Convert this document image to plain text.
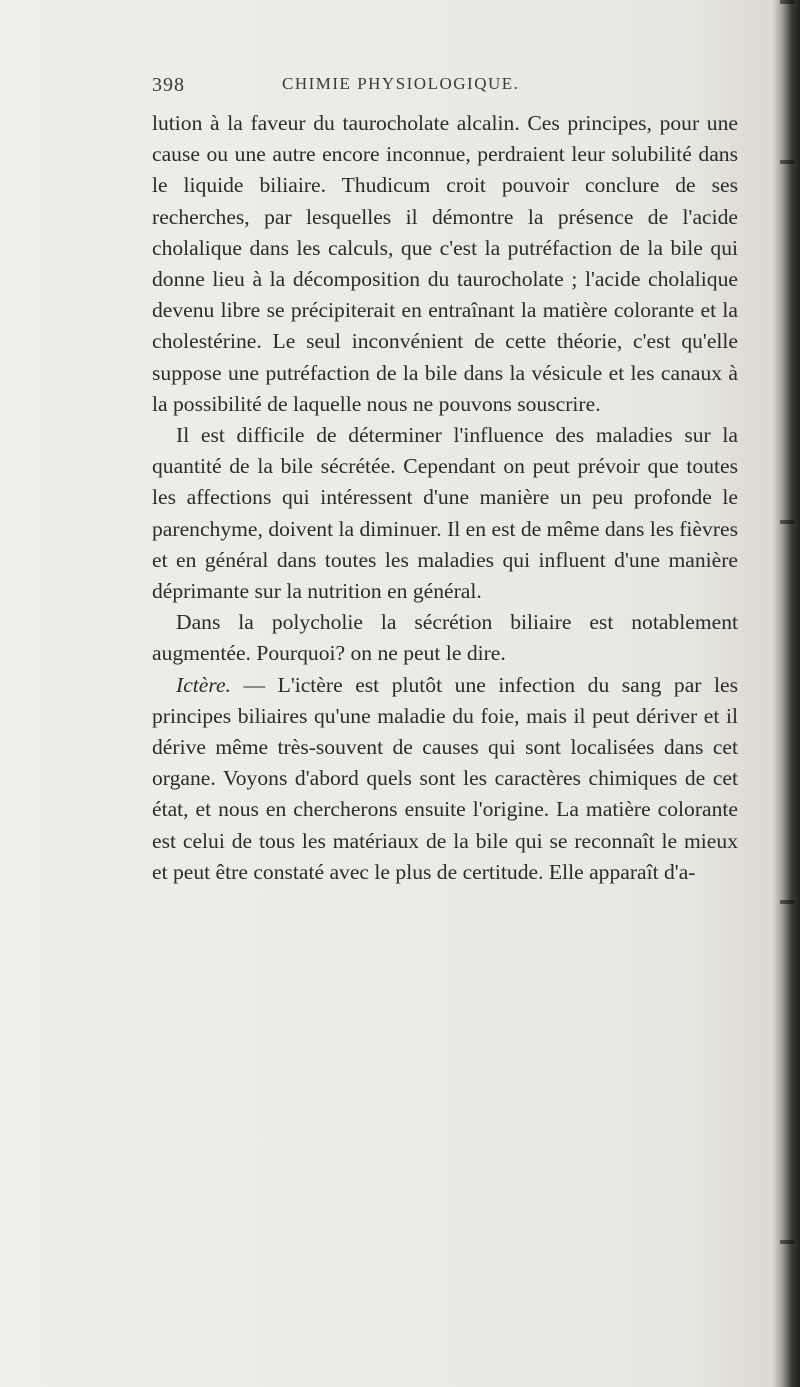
398	CHIMIE PHYSIOLOGIQUE.

lution à la faveur du taurocholate alcalin. Ces principes, pour une cause ou une autre encore inconnue, perdraient leur solubilité dans le liquide biliaire. Thudicum croit pouvoir conclure de ses recherches, par lesquelles il démontre la présence de l'acide cholalique dans les calculs, que c'est la putréfaction de la bile qui donne lieu à la décomposition du taurocholate ; l'acide cholalique devenu libre se précipiterait en entraînant la matière colorante et la cholestérine. Le seul inconvénient de cette théorie, c'est qu'elle suppose une putréfaction de la bile dans la vésicule et les canaux à la possibilité de laquelle nous ne pouvons souscrire.

Il est difficile de déterminer l'influence des maladies sur la quantité de la bile sécrétée. Cependant on peut prévoir que toutes les affections qui intéressent d'une manière un peu profonde le parenchyme, doivent la diminuer. Il en est de même dans les fièvres et en général dans toutes les maladies qui influent d'une manière déprimante sur la nutrition en général.

Dans la polycholie la sécrétion biliaire est notablement augmentée. Pourquoi? on ne peut le dire.

Ictère. — L'ictère est plutôt une infection du sang par les principes biliaires qu'une maladie du foie, mais il peut dériver et il dérive même très-souvent de causes qui sont localisées dans cet organe. Voyons d'abord quels sont les caractères chimiques de cet état, et nous en chercherons ensuite l'origine. La matière colorante est celui de tous les matériaux de la bile qui se reconnaît le mieux et peut être constaté avec le plus de certitude. Elle apparaît d'a-
